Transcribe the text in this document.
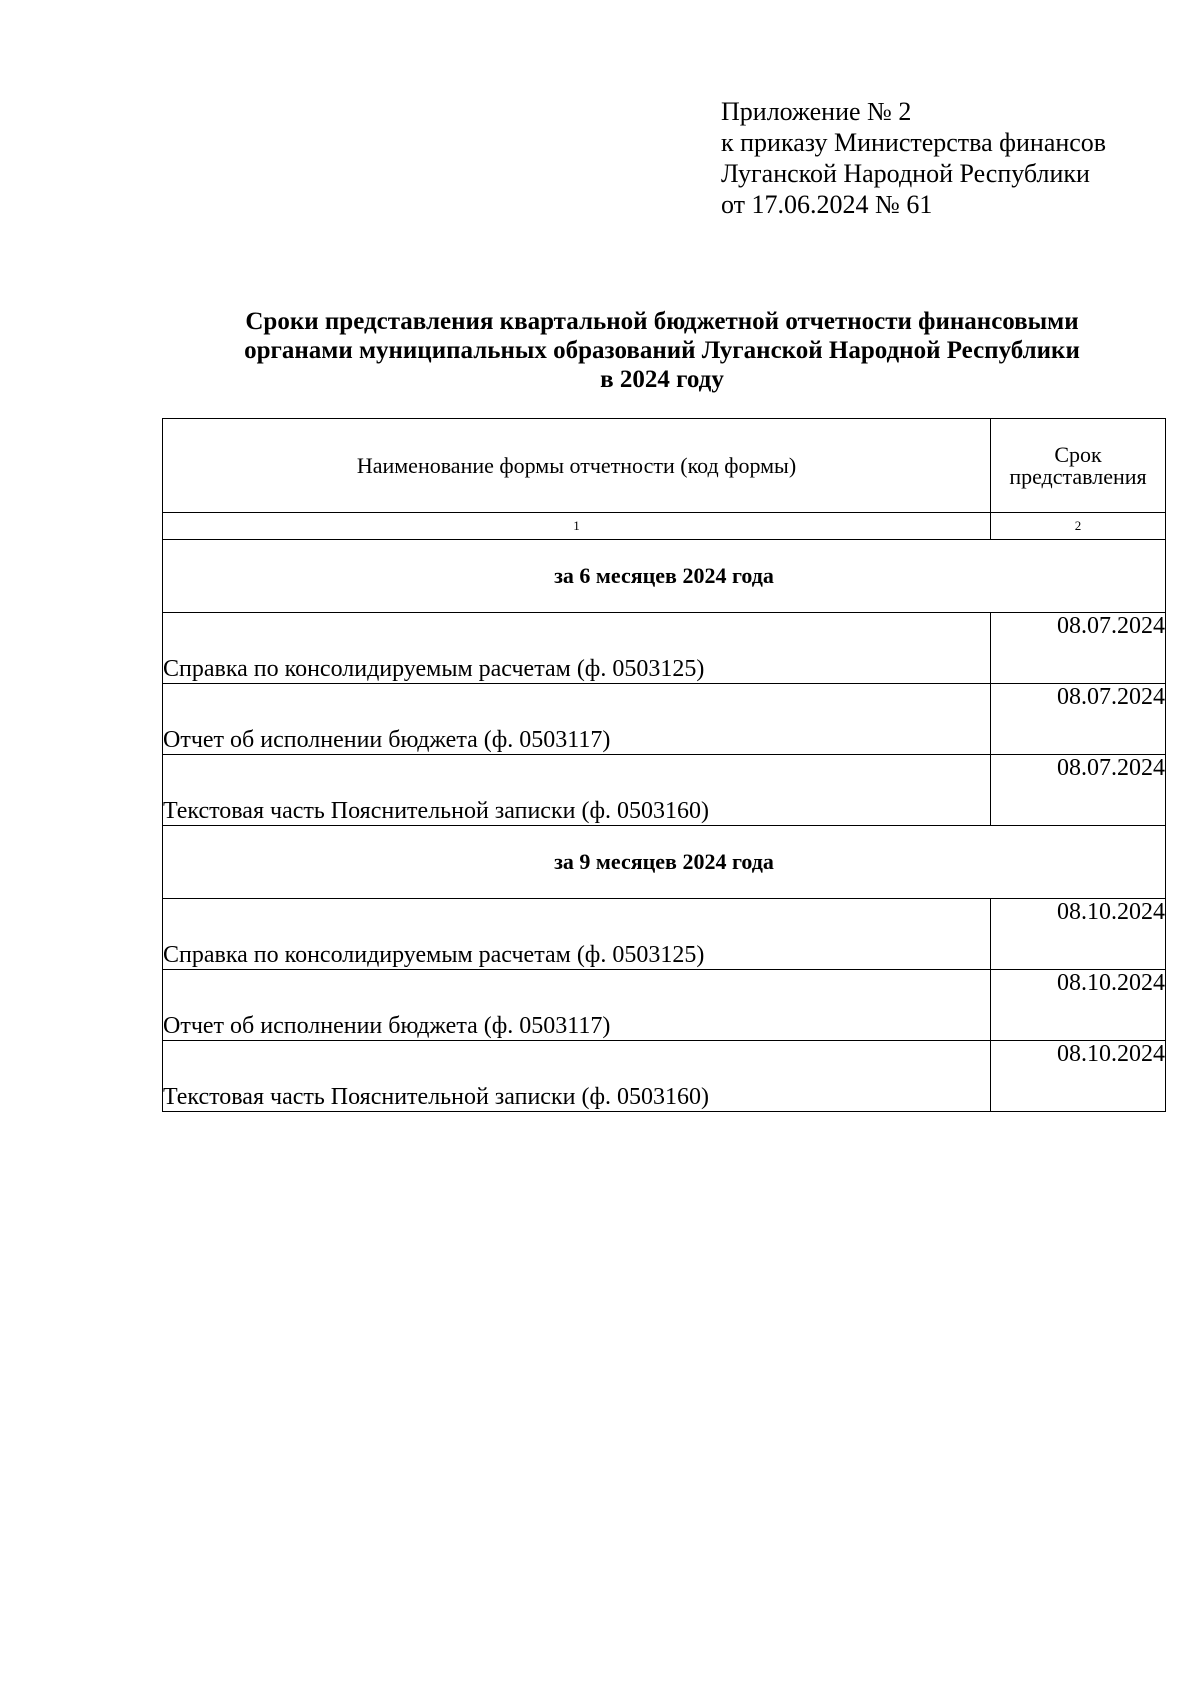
Приложение № 2
к приказу Министерства финансов
Луганской Народной Республики
от 17.06.2024 № 61
Сроки представления квартальной бюджетной отчетности финансовыми
органами муниципальных образований Луганской Народной Республики
в 2024 году
Наименование формы отчетности (код формы)	Срок
представления

1	2
за 6 месяцев 2024 года	
Справка по консолидируемым расчетам (ф. 0503125)	08.07.2024
Отчет об исполнении бюджета (ф. 0503117)	08.07.2024
Текстовая часть Пояснительной записки (ф. 0503160)	08.07.2024
за 9 месяцев 2024 года	
Справка по консолидируемым расчетам (ф. 0503125)	08.10.2024
Отчет об исполнении бюджета (ф. 0503117)	08.10.2024
Текстовая часть Пояснительной записки (ф. 0503160)	08.10.2024
